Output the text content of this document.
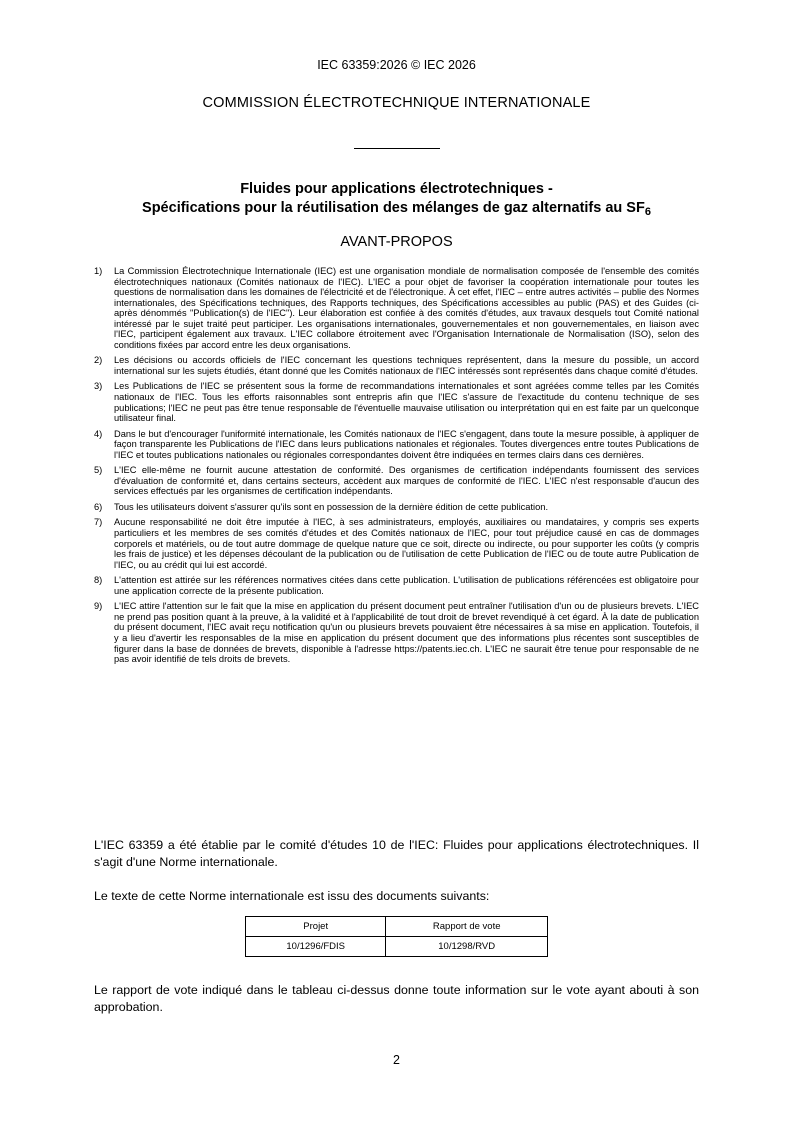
IEC 63359:2026 © IEC 2026
COMMISSION ÉLECTROTECHNIQUE INTERNATIONALE
Fluides pour applications électrotechniques -
Spécifications pour la réutilisation des mélanges de gaz alternatifs au $SF_6$
AVANT-PROPOS
1) La Commission Électrotechnique Internationale (IEC) est une organisation mondiale de normalisation composée de l'ensemble des comités électrotechniques nationaux (Comités nationaux de l'IEC). L'IEC a pour objet de favoriser la coopération internationale pour toutes les questions de normalisation dans les domaines de l'électricité et de l'électronique. À cet effet, l'IEC – entre autres activités – publie des Normes internationales, des Spécifications techniques, des Rapports techniques, des Spécifications accessibles au public (PAS) et des Guides (ci-après dénommés "Publication(s) de l'IEC"). Leur élaboration est confiée à des comités d'études, aux travaux desquels tout Comité national intéressé par le sujet traité peut participer. Les organisations internationales, gouvernementales et non gouvernementales, en liaison avec l'IEC, participent également aux travaux. L'IEC collabore étroitement avec l'Organisation Internationale de Normalisation (ISO), selon des conditions fixées par accord entre les deux organisations.
2) Les décisions ou accords officiels de l'IEC concernant les questions techniques représentent, dans la mesure du possible, un accord international sur les sujets étudiés, étant donné que les Comités nationaux de l'IEC intéressés sont représentés dans chaque comité d'études.
3) Les Publications de l'IEC se présentent sous la forme de recommandations internationales et sont agréées comme telles par les Comités nationaux de l'IEC. Tous les efforts raisonnables sont entrepris afin que l'IEC s'assure de l'exactitude du contenu technique de ses publications; l'IEC ne peut pas être tenue responsable de l'éventuelle mauvaise utilisation ou interprétation qui en est faite par un quelconque utilisateur final.
4) Dans le but d'encourager l'uniformité internationale, les Comités nationaux de l'IEC s'engagent, dans toute la mesure possible, à appliquer de façon transparente les Publications de l'IEC dans leurs publications nationales et régionales. Toutes divergences entre toutes Publications de l'IEC et toutes publications nationales ou régionales correspondantes doivent être indiquées en termes clairs dans ces dernières.
5) L'IEC elle-même ne fournit aucune attestation de conformité. Des organismes de certification indépendants fournissent des services d'évaluation de conformité et, dans certains secteurs, accèdent aux marques de conformité de l'IEC. L'IEC n'est responsable d'aucun des services effectués par les organismes de certification indépendants.
6) Tous les utilisateurs doivent s'assurer qu'ils sont en possession de la dernière édition de cette publication.
7) Aucune responsabilité ne doit être imputée à l'IEC, à ses administrateurs, employés, auxiliaires ou mandataires, y compris ses experts particuliers et les membres de ses comités d'études et des Comités nationaux de l'IEC, pour tout préjudice causé en cas de dommages corporels et matériels, ou de tout autre dommage de quelque nature que ce soit, directe ou indirecte, ou pour supporter les coûts (y compris les frais de justice) et les dépenses découlant de la publication ou de l'utilisation de cette Publication de l'IEC ou de toute autre Publication de l'IEC, ou au crédit qui lui est accordé.
8) L'attention est attirée sur les références normatives citées dans cette publication. L'utilisation de publications référencées est obligatoire pour une application correcte de la présente publication.
9) L'IEC attire l'attention sur le fait que la mise en application du présent document peut entraîner l'utilisation d'un ou de plusieurs brevets. L'IEC ne prend pas position quant à la preuve, à la validité et à l'applicabilité de tout droit de brevet revendiqué à cet égard. À la date de publication du présent document, l'IEC avait reçu notification qu'un ou plusieurs brevets pouvaient être nécessaires à sa mise en application. Toutefois, il y a lieu d'avertir les responsables de la mise en application du présent document que des informations plus récentes sont susceptibles de figurer dans la base de données de brevets, disponible à l'adresse https://patents.iec.ch. L'IEC ne saurait être tenue pour responsable de ne pas avoir identifié de tels droits de brevets.

L'IEC 63359 a été établie par le comité d'études 10 de l'IEC: Fluides pour applications électrotechniques. Il s'agit d'une Norme internationale.

Le texte de cette Norme internationale est issu des documents suivants:

Projet	Rapport de vote
10/1296/FDIS	10/1298/RVD

Le rapport de vote indiqué dans le tableau ci-dessus donne toute information sur le vote ayant abouti à son approbation.

2
